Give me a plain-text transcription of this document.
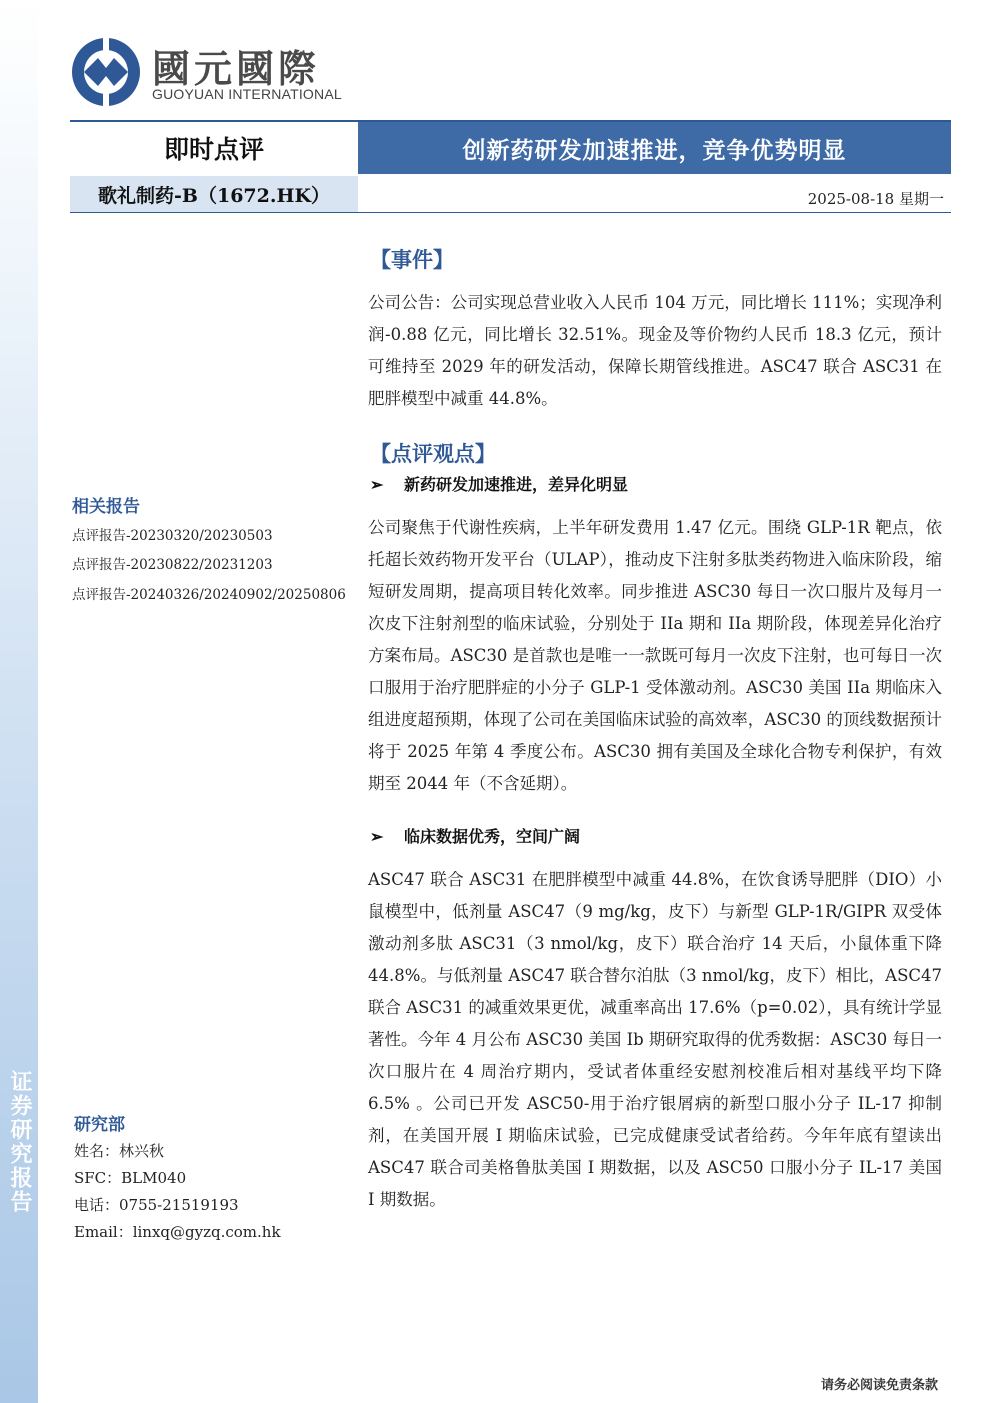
证券研究报告
國元國際
GUOYUAN INTERNATIONAL
即时点评	创新药研发加速推进，竞争优势明显
歌礼制药-B（1672.HK）	2025-08-18 星期一
相关报告
点评报告-20230320/20230503
点评报告-20230822/20231203
点评报告-20240326/20240902/20250806
研究部
姓名：林兴秋
SFC：BLM040
电话：0755-21519193
Email：linxq@gyzq.com.hk
【事件】

公司公告：公司实现总营业收入人民币 104 万元，同比增长 111%；实现净利润-0.88 亿元，同比增长 32.51%。现金及等价物约人民币 18.3 亿元，预计可维持至 2029 年的研发活动，保障长期管线推进。ASC47 联合 ASC31 在肥胖模型中减重 44.8%。

【点评观点】
➢ 新药研发加速推进，差异化明显

公司聚焦于代谢性疾病，上半年研发费用 1.47 亿元。围绕 GLP-1R 靶点，依托超长效药物开发平台（ULAP），推动皮下注射多肽类药物进入临床阶段，缩短研发周期，提高项目转化效率。同步推进 ASC30 每日一次口服片及每月一次皮下注射剂型的临床试验，分别处于 IIa 期和 IIa 期阶段，体现差异化治疗方案布局。ASC30 是首款也是唯一一款既可每月一次皮下注射，也可每日一次口服用于治疗肥胖症的小分子 GLP-1 受体激动剂。ASC30 美国 IIa 期临床入组进度超预期，体现了公司在美国临床试验的高效率，ASC30 的顶线数据预计将于 2025 年第 4 季度公布。ASC30 拥有美国及全球化合物专利保护，有效期至 2044 年（不含延期）。

➢ 临床数据优秀，空间广阔

ASC47 联合 ASC31 在肥胖模型中减重 44.8%，在饮食诱导肥胖（DIO）小鼠模型中，低剂量 ASC47（9 mg/kg，皮下）与新型 GLP-1R/GIPR 双受体激动剂多肽 ASC31（3 nmol/kg，皮下）联合治疗 14 天后，小鼠体重下降 44.8%。与低剂量 ASC47 联合替尔泊肽（3 nmol/kg，皮下）相比，ASC47 联合 ASC31 的减重效果更优，减重率高出 17.6%（p=0.02），具有统计学显著性。今年 4 月公布 ASC30 美国 Ib 期研究取得的优秀数据：ASC30 每日一次口服片在 4 周治疗期内，受试者体重经安慰剂校准后相对基线平均下降 6.5% 。公司已开发 ASC50-用于治疗银屑病的新型口服小分子 IL-17 抑制剂，在美国开展 I 期临床试验，已完成健康受试者给药。今年年底有望读出 ASC47 联合司美格鲁肽美国 I 期数据，以及 ASC50 口服小分子 IL-17 美国 I 期数据。

请务必阅读免责条款
